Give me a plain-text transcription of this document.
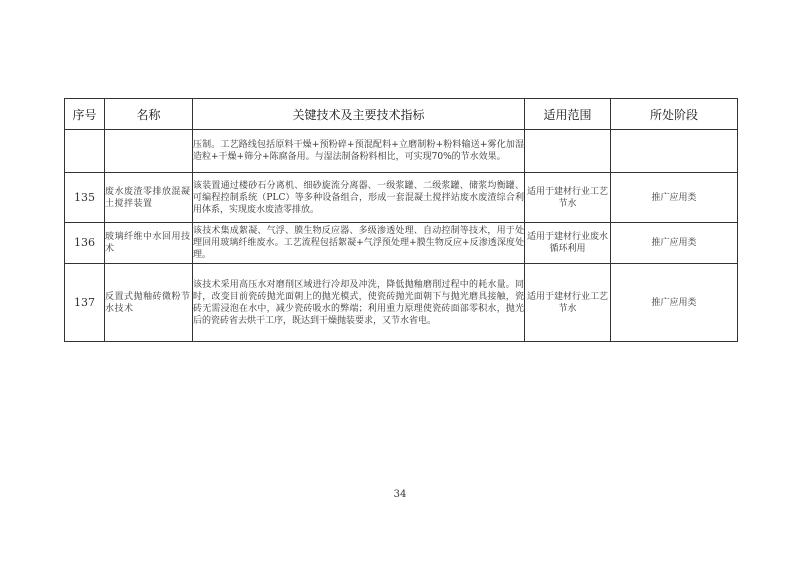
序号	名称	关键技术及主要技术指标	适用范围	所处阶段
		压制。工艺路线包括原料干燥+预粉碎+预混配料+立磨制粉+粉料输送+雾化加湿造粒+干燥+筛分+陈腐备用。与湿法制备粉料相比，可实现70%的节水效果。		
135	废水废渣零排放混凝土搅拌装置	该装置通过楼砂石分离机、细砂旋流分离器、一级浆罐、二级浆罐、储浆均衡罐、可编程控制系统（PLC）等多种设备组合，形成一套混凝土搅拌站废水废渣综合利用体系，实现废水废渣零排放。	适用于建材行业工艺节水	推广应用类
136	玻璃纤维中水回用技术	该技术集成絮凝、气浮、膜生物反应器、多级渗透处理、自动控制等技术，用于处理回用玻璃纤维废水。工艺流程包括絮凝+气浮预处理+膜生物反应+反渗透深度处理。	适用于建材行业废水循环利用	推广应用类
137	反置式抛釉砖微粉节水技术	该技术采用高压水对磨削区域进行冷却及冲洗，降低抛釉磨削过程中的耗水量。同时，改变目前瓷砖抛光面朝上的抛光模式，使瓷砖抛光面朝下与抛光磨具接触，瓷砖无需浸泡在水中，减少瓷砖吸水的弊端；利用重力原理使瓷砖面部零积水，抛光后的瓷砖省去烘干工序，既达到干燥抛装要求，又节水省电。	适用于建材行业工艺节水	推广应用类
34
